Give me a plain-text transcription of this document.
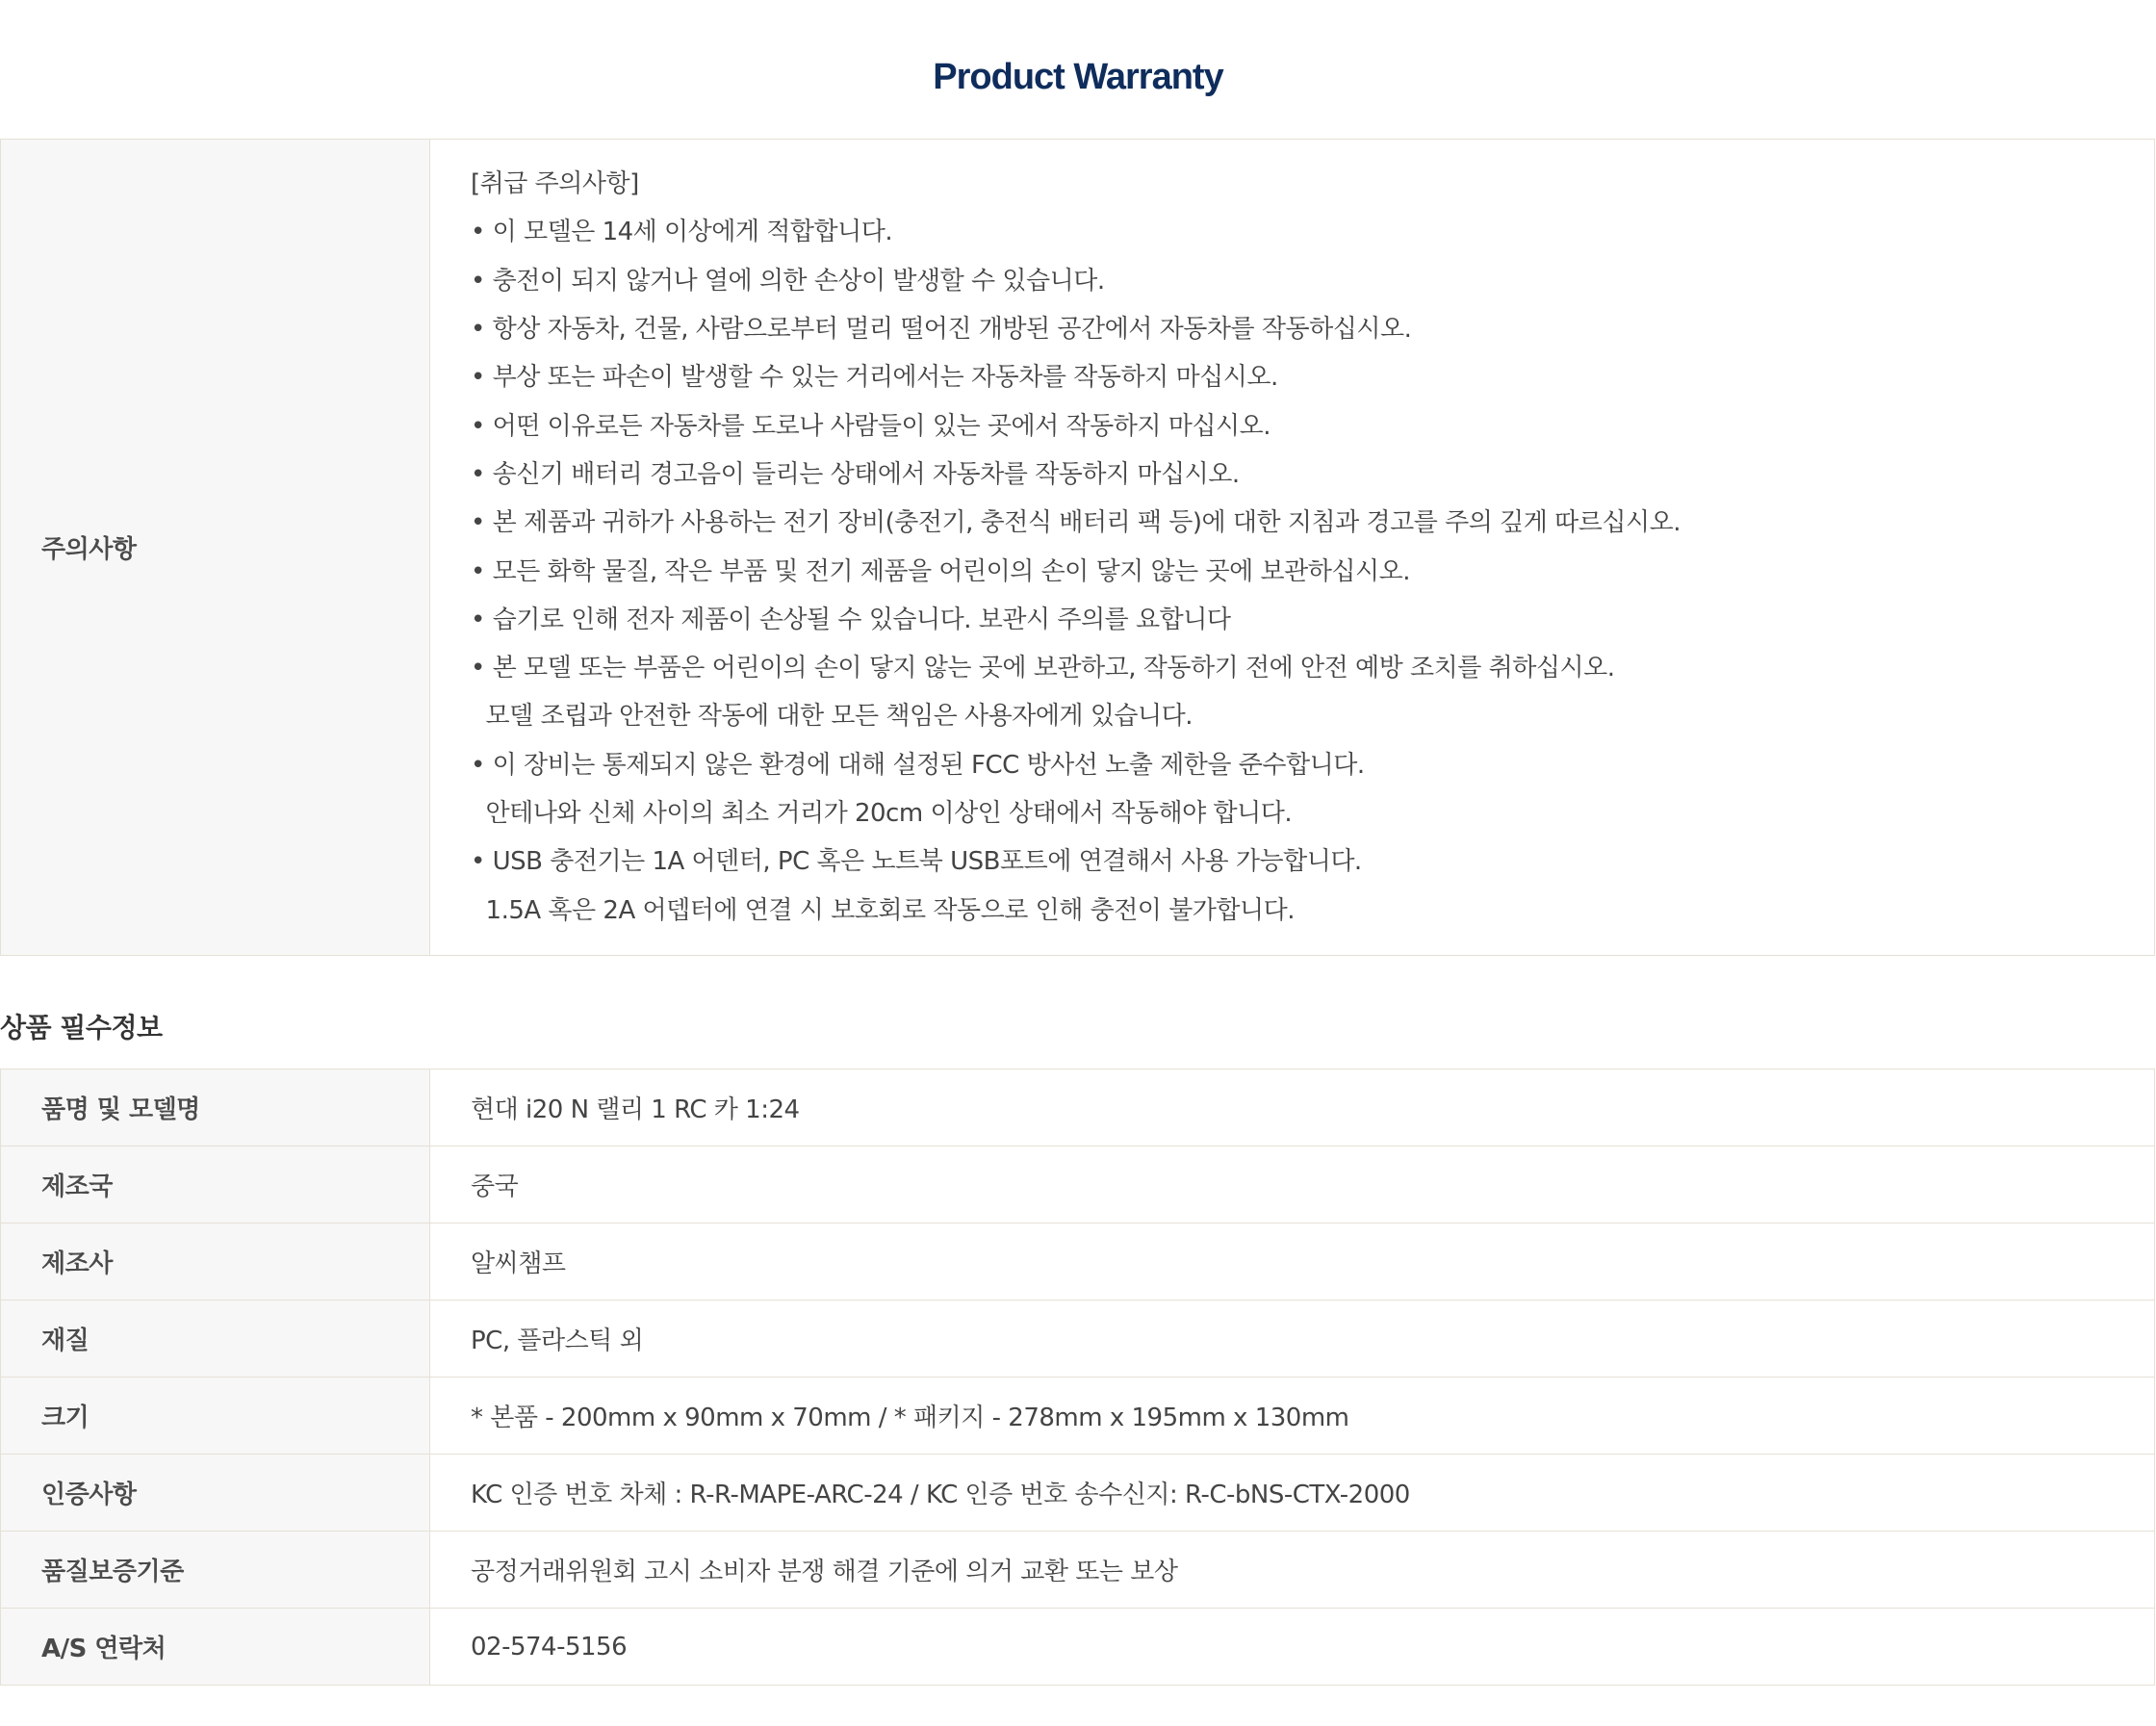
Product Warranty
주의사항	
[취급 주의사항]
• 이 모델은 14세 이상에게 적합합니다.
• 충전이 되지 않거나 열에 의한 손상이 발생할 수 있습니다.
• 항상 자동차, 건물, 사람으로부터 멀리 떨어진 개방된 공간에서 자동차를 작동하십시오.
• 부상 또는 파손이 발생할 수 있는 거리에서는 자동차를 작동하지 마십시오.
• 어떤 이유로든 자동차를 도로나 사람들이 있는 곳에서 작동하지 마십시오.
• 송신기 배터리 경고음이 들리는 상태에서 자동차를 작동하지 마십시오.
• 본 제품과 귀하가 사용하는 전기 장비(충전기, 충전식 배터리 팩 등)에 대한 지침과 경고를 주의 깊게 따르십시오.
• 모든 화학 물질, 작은 부품 및 전기 제품을 어린이의 손이 닿지 않는 곳에 보관하십시오.
• 습기로 인해 전자 제품이 손상될 수 있습니다. 보관시 주의를 요합니다
• 본 모델 또는 부품은 어린이의 손이 닿지 않는 곳에 보관하고, 작동하기 전에 안전 예방 조치를 취하십시오.
모델 조립과 안전한 작동에 대한 모든 책임은 사용자에게 있습니다.
• 이 장비는 통제되지 않은 환경에 대해 설정된 FCC 방사선 노출 제한을 준수합니다.
안테나와 신체 사이의 최소 거리가 20cm 이상인 상태에서 작동해야 합니다.
• USB 충전기는 1A 어덴터, PC 혹은 노트북 USB포트에 연결해서 사용 가능합니다.
1.5A 혹은 2A 어뎁터에 연결 시 보호회로 작동으로 인해 충전이 불가합니다.
상품 필수정보
품명 및 모델명	현대 i20 N 랠리 1 RC 카 1:24
제조국	중국
제조사	알씨챔프
재질	PC, 플라스틱 외
크기	* 본품 - 200mm x 90mm x 70mm / * 패키지 - 278mm x 195mm x 130mm
인증사항	KC 인증 번호 차체 : R-R-MAPE-ARC-24 / KC 인증 번호 송수신지: R-C-bNS-CTX-2000
품질보증기준	공정거래위원회 고시 소비자 분쟁 해결 기준에 의거 교환 또는 보상
A/S 연락처	02-574-5156
